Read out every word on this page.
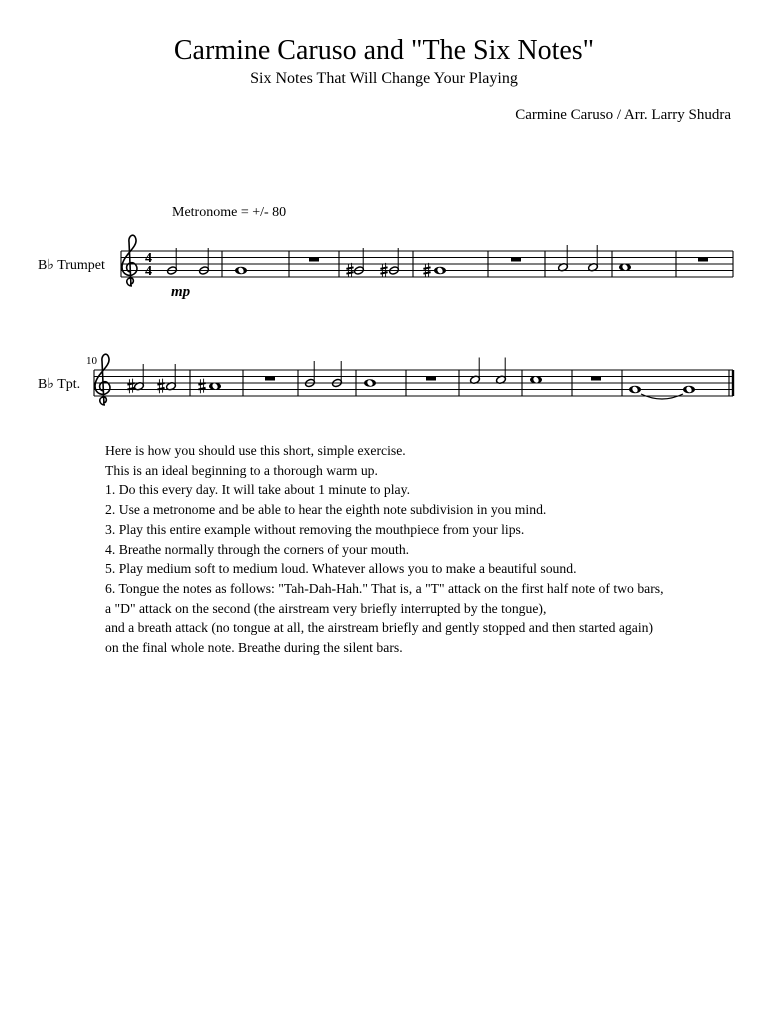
Carmine Caruso and "The Six Notes"
Six Notes That Will Change Your Playing
Carmine Caruso / Arr. Larry Shudra
Metronome = +/- 80
B♭ Trumpet
B♭ Tpt.
10
4
4
mp

Here is how you should use this short, simple exercise.

This is an ideal beginning to a thorough warm up.

1. Do this every day. It will take about 1 minute to play.

2. Use a metronome and be able to hear the eighth note subdivision in you mind.

3. Play this entire example without removing the mouthpiece from your lips.

4. Breathe normally through the corners of your mouth.

5. Play medium soft to medium loud. Whatever allows you to make a beautiful sound.

6. Tongue the notes as follows: "Tah-Dah-Hah." That is, a "T" attack on the first half note of two bars,

a "D" attack on the second (the airstream very briefly interrupted by the tongue),

and a breath attack (no tongue at all, the airstream briefly and gently stopped and then started again)

on the final whole note. Breathe during the silent bars.
